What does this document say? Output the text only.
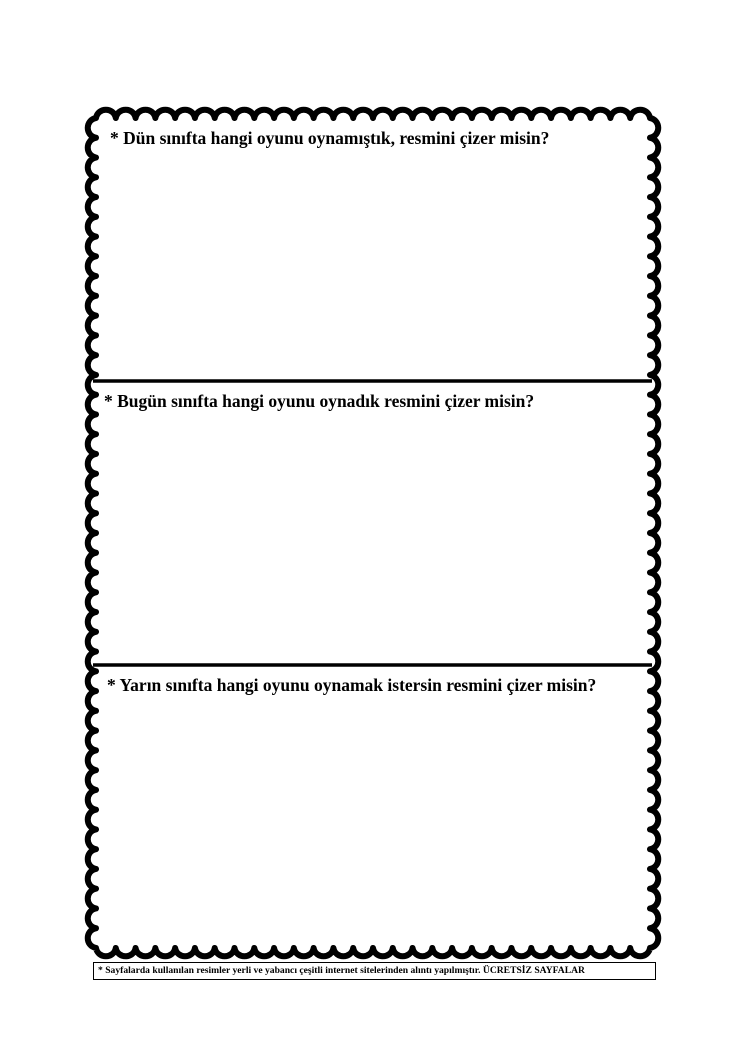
* Dün sınıfta hangi oyunu oynamıştık, resmini çizer misin?

* Bugün sınıfta hangi oyunu oynadık resmini çizer misin?

* Yarın sınıfta hangi oyunu oynamak istersin resmini çizer misin?

* Sayfalarda kullanılan resimler yerli ve yabancı çeşitli internet sitelerinden alıntı yapılmıştır. ÜCRETSİZ SAYFALAR
